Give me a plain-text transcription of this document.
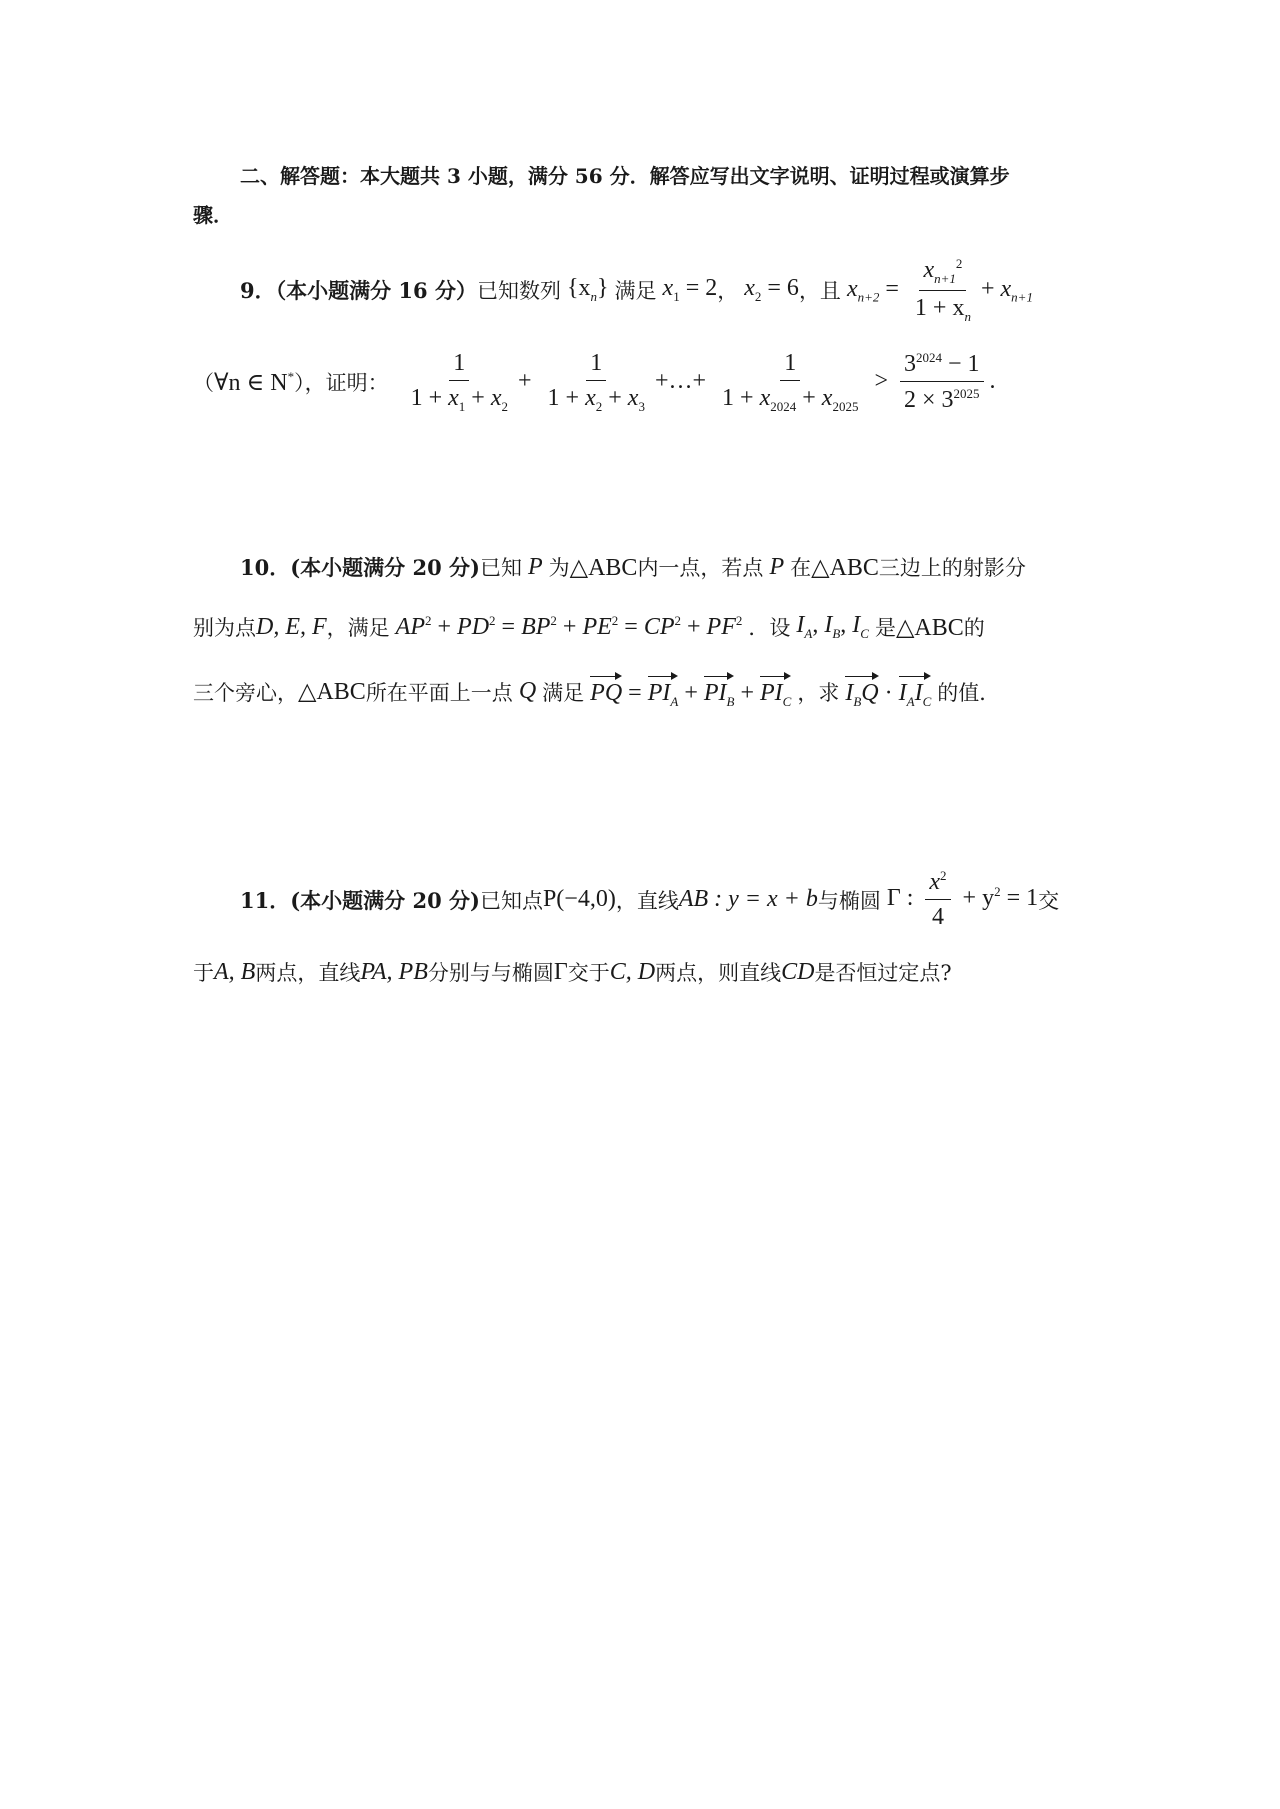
二、解答题：本大题共 3 小题，满分 56 分．解答应写出文字说明、证明过程或演算步
骤．
9．（本小题满分 16 分） 已知数列 $\{x_n\}$ 满足 $x_1 = 2$ ， $x_2 = 6$ ，且 $x_{n+2} = \frac{x_{n+1}^2}{1 + x_n} + x_{n+1}$
（ ∀n ∈ N* ），证明：
$\frac{1}{1 + x_1 + x_2} + \frac{1}{1 + x_2 + x_3}$ +…+ $\frac{1}{1 + x_{2024} + x_{2025}} > \frac{3^{2024} - 1}{2 \times 3^{2025}}$ .
10．(本小题满分 20 分) 已知 P 为 △ABC 内一点，若点 P 在 △ABC 三边上的射影分
别为点 D, E, F ，满足 $AP^2 + PD^2 = BP^2 + PE^2 = CP^2 + PF^2$ ．设 $I_A$, $I_B$, $I_C$ 是 △ABC 的
三个旁心， △ABC 所在平面上一点 Q 满足 PQ = $PI_A + PI_B + PI_C$ ，求 $I_BQ \cdot I_AI_C$ 的值．
11．(本小题满分 20 分) 已知点 P(−4,0) ，直线 AB : y = x + b 与椭圆 Γ : $\frac{x^2}{4} + y^2 = 1$ 交
于 A, B 两点，直线 PA, PB 分别与与椭圆 Γ 交于 C, D 两点，则直线 CD 是否恒过定点?
